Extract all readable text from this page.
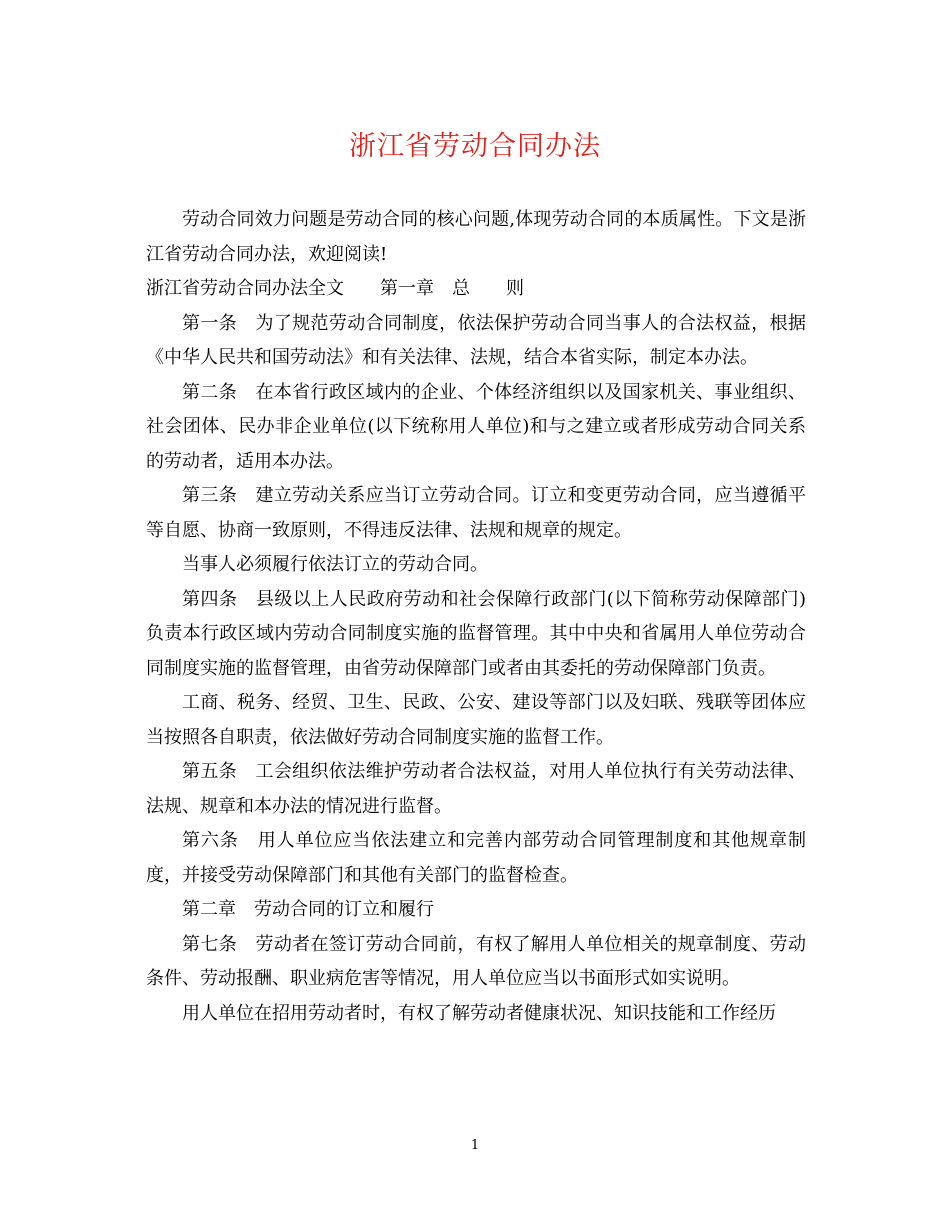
浙江省劳动合同办法

劳动合同效力问题是劳动合同的核心问题,体现劳动合同的本质属性。下文是浙江省劳动合同办法，欢迎阅读!

浙江省劳动合同办法全文　　第一章　总　　则

第一条　为了规范劳动合同制度，依法保护劳动合同当事人的合法权益，根据《中华人民共和国劳动法》和有关法律、法规，结合本省实际，制定本办法。

第二条　在本省行政区域内的企业、个体经济组织以及国家机关、事业组织、社会团体、民办非企业单位(以下统称用人单位)和与之建立或者形成劳动合同关系的劳动者，适用本办法。

第三条　建立劳动关系应当订立劳动合同。订立和变更劳动合同，应当遵循平等自愿、协商一致原则，不得违反法律、法规和规章的规定。

当事人必须履行依法订立的劳动合同。

第四条　县级以上人民政府劳动和社会保障行政部门(以下简称劳动保障部门)负责本行政区域内劳动合同制度实施的监督管理。其中中央和省属用人单位劳动合同制度实施的监督管理，由省劳动保障部门或者由其委托的劳动保障部门负责。

工商、税务、经贸、卫生、民政、公安、建设等部门以及妇联、残联等团体应当按照各自职责，依法做好劳动合同制度实施的监督工作。

第五条　工会组织依法维护劳动者合法权益，对用人单位执行有关劳动法律、法规、规章和本办法的情况进行监督。

第六条　用人单位应当依法建立和完善内部劳动合同管理制度和其他规章制度，并接受劳动保障部门和其他有关部门的监督检查。

第二章　劳动合同的订立和履行

第七条　劳动者在签订劳动合同前，有权了解用人单位相关的规章制度、劳动条件、劳动报酬、职业病危害等情况，用人单位应当以书面形式如实说明。

用人单位在招用劳动者时，有权了解劳动者健康状况、知识技能和工作经历

1
